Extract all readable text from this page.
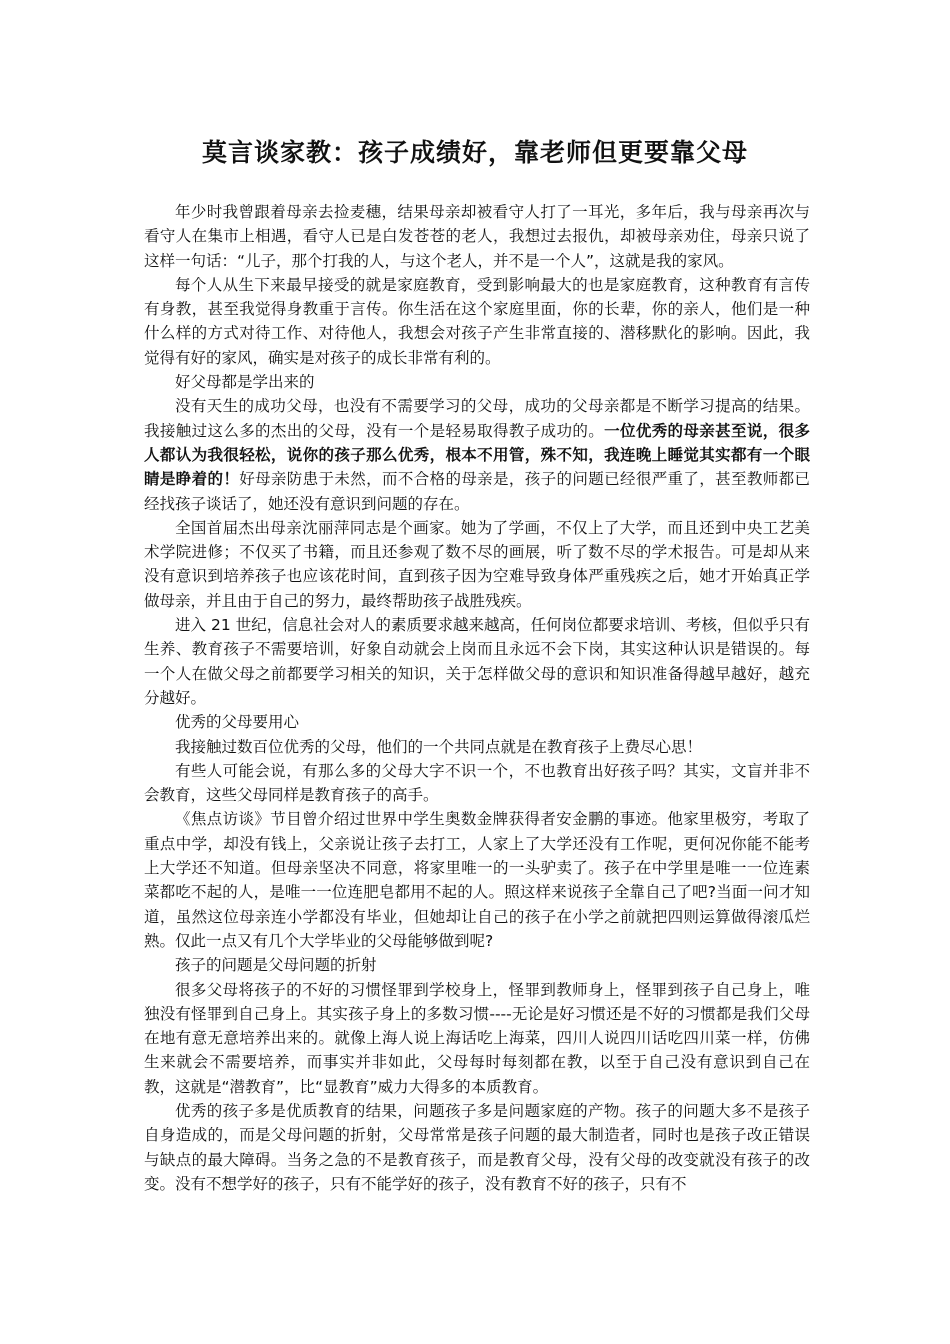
莫言谈家教：孩子成绩好，靠老师但更要靠父母

年少时我曾跟着母亲去捡麦穗，结果母亲却被看守人打了一耳光，多年后，我与母亲再次与看守人在集市上相遇，看守人已是白发苍苍的老人，我想过去报仇，却被母亲劝住，母亲只说了这样一句话：“儿子，那个打我的人，与这个老人，并不是一个人”，这就是我的家风。

每个人从生下来最早接受的就是家庭教育，受到影响最大的也是家庭教育，这种教育有言传有身教，甚至我觉得身教重于言传。你生活在这个家庭里面，你的长辈，你的亲人，他们是一种什么样的方式对待工作、对待他人，我想会对孩子产生非常直接的、潜移默化的影响。因此，我觉得有好的家风，确实是对孩子的成长非常有利的。

好父母都是学出来的

没有天生的成功父母，也没有不需要学习的父母，成功的父母亲都是不断学习提高的结果。我接触过这么多的杰出的父母，没有一个是轻易取得教子成功的。一位优秀的母亲甚至说，很多人都认为我很轻松，说你的孩子那么优秀，根本不用管，殊不知，我连晚上睡觉其实都有一个眼睛是睁着的！好母亲防患于未然，而不合格的母亲是，孩子的问题已经很严重了，甚至教师都已经找孩子谈话了，她还没有意识到问题的存在。

全国首届杰出母亲沈丽萍同志是个画家。她为了学画，不仅上了大学，而且还到中央工艺美术学院进修；不仅买了书籍，而且还参观了数不尽的画展，听了数不尽的学术报告。可是却从来没有意识到培养孩子也应该花时间，直到孩子因为空难导致身体严重残疾之后，她才开始真正学做母亲，并且由于自己的努力，最终帮助孩子战胜残疾。

进入 21 世纪，信息社会对人的素质要求越来越高，任何岗位都要求培训、考核，但似乎只有生养、教育孩子不需要培训，好象自动就会上岗而且永远不会下岗，其实这种认识是错误的。每一个人在做父母之前都要学习相关的知识，关于怎样做父母的意识和知识准备得越早越好，越充分越好。

优秀的父母要用心

我接触过数百位优秀的父母，他们的一个共同点就是在教育孩子上费尽心思！

有些人可能会说，有那么多的父母大字不识一个，不也教育出好孩子吗？其实，文盲并非不会教育，这些父母同样是教育孩子的高手。

《焦点访谈》节目曾介绍过世界中学生奥数金牌获得者安金鹏的事迹。他家里极穷，考取了重点中学，却没有钱上，父亲说让孩子去打工，人家上了大学还没有工作呢，更何况你能不能考上大学还不知道。但母亲坚决不同意，将家里唯一的一头驴卖了。孩子在中学里是唯一一位连素菜都吃不起的人，是唯一一位连肥皂都用不起的人。照这样来说孩子全靠自己了吧?当面一问才知道，虽然这位母亲连小学都没有毕业，但她却让自己的孩子在小学之前就把四则运算做得滚瓜烂熟。仅此一点又有几个大学毕业的父母能够做到呢?

孩子的问题是父母问题的折射

很多父母将孩子的不好的习惯怪罪到学校身上，怪罪到教师身上，怪罪到孩子自己身上，唯独没有怪罪到自己身上。其实孩子身上的多数习惯----无论是好习惯还是不好的习惯都是我们父母在地有意无意培养出来的。就像上海人说上海话吃上海菜，四川人说四川话吃四川菜一样，仿佛生来就会不需要培养，而事实并非如此，父母每时每刻都在教，以至于自己没有意识到自己在教，这就是“潜教育”，比“显教育”威力大得多的本质教育。

优秀的孩子多是优质教育的结果，问题孩子多是问题家庭的产物。孩子的问题大多不是孩子自身造成的，而是父母问题的折射，父母常常是孩子问题的最大制造者，同时也是孩子改正错误与缺点的最大障碍。当务之急的不是教育孩子，而是教育父母，没有父母的改变就没有孩子的改变。没有不想学好的孩子，只有不能学好的孩子，没有教育不好的孩子，只有不
